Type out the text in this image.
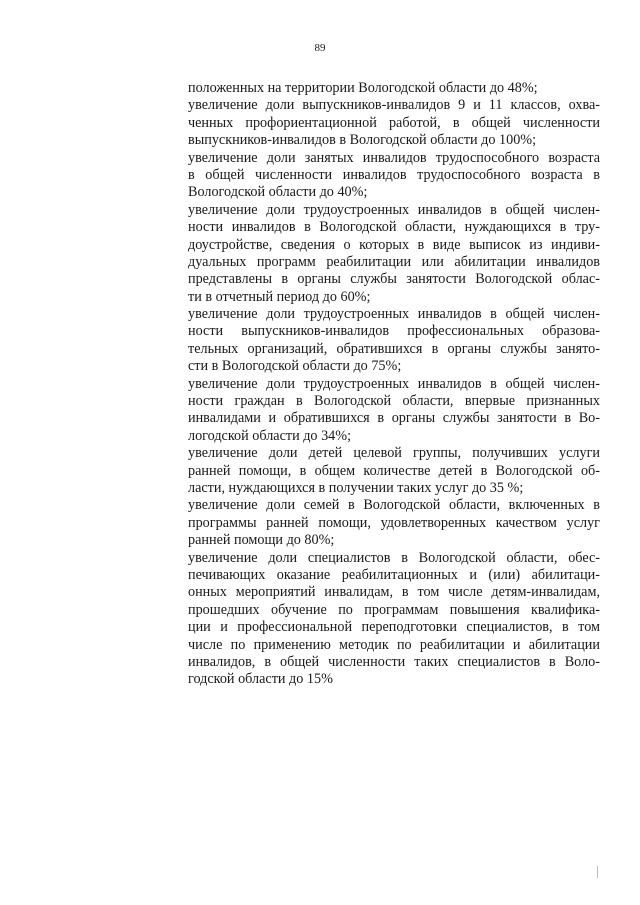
89
положенных на территории Вологодской области до 48%;
увеличение доли выпускников-инвалидов 9 и 11 классов, охва-
ченных профориентационной работой, в общей численности
выпускников-инвалидов в Вологодской области до 100%;
увеличение доли занятых инвалидов трудоспособного возраста
в общей численности инвалидов трудоспособного возраста в
Вологодской области до 40%;
увеличение доли трудоустроенных инвалидов в общей числен-
ности инвалидов в Вологодской области, нуждающихся в тру-
доустройстве, сведения о которых в виде выписок из индиви-
дуальных программ реабилитации или абилитации инвалидов
представлены в органы службы занятости Вологодской облас-
ти в отчетный период до 60%;
увеличение доли трудоустроенных инвалидов в общей числен-
ности выпускников-инвалидов профессиональных образова-
тельных организаций, обратившихся в органы службы занято-
сти в Вологодской области до 75%;
увеличение доли трудоустроенных инвалидов в общей числен-
ности граждан в Вологодской области, впервые признанных
инвалидами и обратившихся в органы службы занятости в Во-
логодской области до 34%;
увеличение доли детей целевой группы, получивших услуги
ранней помощи, в общем количестве детей в Вологодской об-
ласти, нуждающихся в получении таких услуг до 35 %;
увеличение доли семей в Вологодской области, включенных в
программы ранней помощи, удовлетворенных качеством услуг
ранней помощи до 80%;
увеличение доли специалистов в Вологодской области, обес-
печивающих оказание реабилитационных и (или) абилитаци-
онных мероприятий инвалидам, в том числе детям-инвалидам,
прошедших обучение по программам повышения квалифика-
ции и профессиональной переподготовки специалистов, в том
числе по применению методик по реабилитации и абилитации
инвалидов, в общей численности таких специалистов в Воло-
годской области до 15%
